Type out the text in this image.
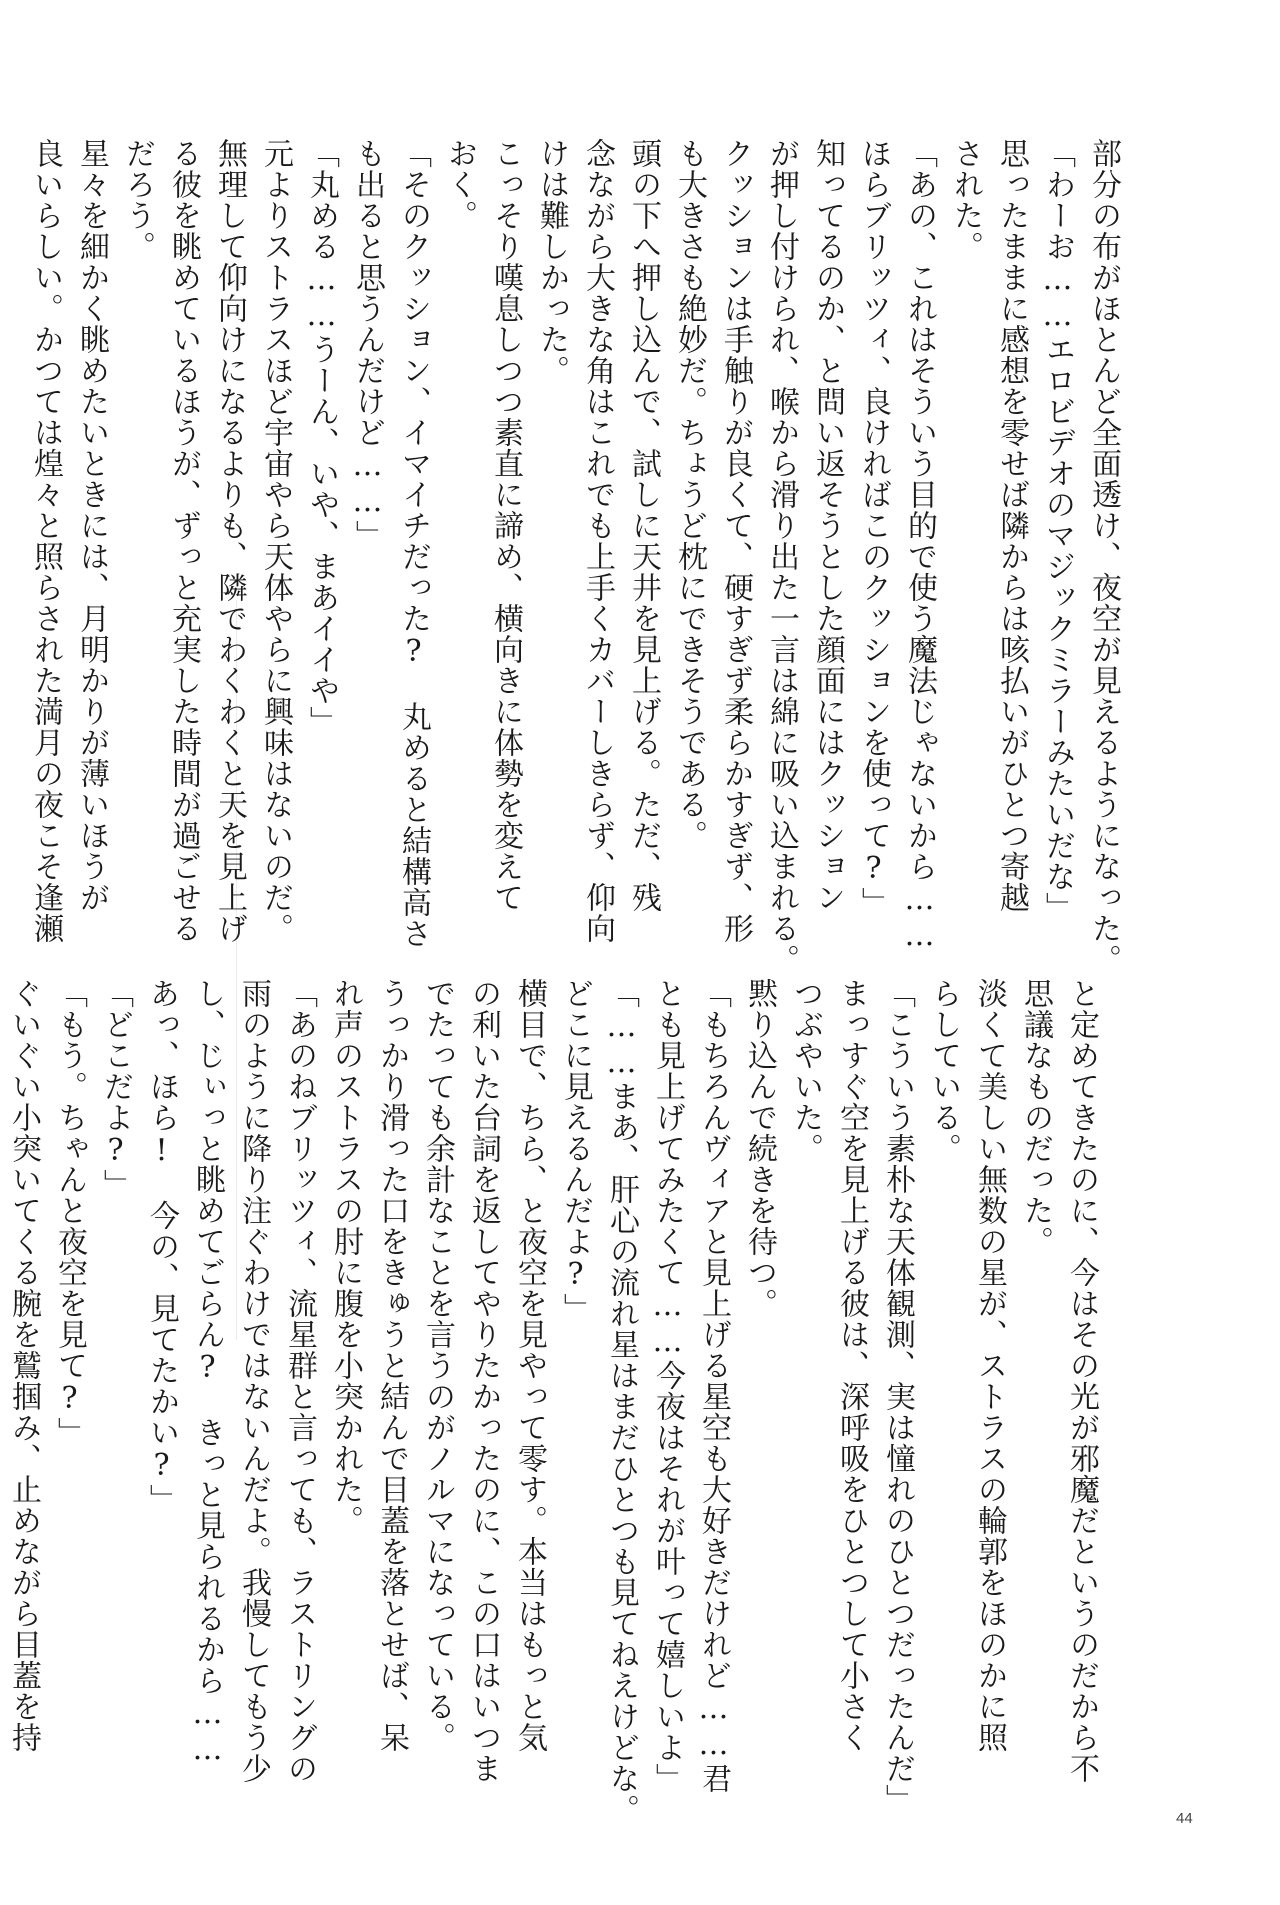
部分の布がほとんど全面透け、夜空が見えるようになった。
「わーお……エロビデオのマジックミラーみたいだな」
思ったままに感想を零せば隣からは咳払いがひとつ寄越
された。
「あの、これはそういう目的で使う魔法じゃないから……
ほらブリッツィ、良ければこのクッションを使って?」
知ってるのか、と問い返そうとした顔面にはクッション
が押し付けられ、喉から滑り出た一言は綿に吸い込まれる。
クッションは手触りが良くて、硬すぎず柔らかすぎず、形
も大きさも絶妙だ。ちょうど枕にできそうである。
頭の下へ押し込んで、試しに天井を見上げる。ただ、残
念ながら大きな角はこれでも上手くカバーしきらず、仰向
けは難しかった。
こっそり嘆息しつつ素直に諦め、横向きに体勢を変えて
おく。
「そのクッション、イマイチだった?　丸めると結構高さ
も出ると思うんだけど……」
「丸める……うーん、いや、まあイイや」
元よりストラスほど宇宙やら天体やらに興味はないのだ。
無理して仰向けになるよりも、隣でわくわくと天を見上げ
る彼を眺めているほうが、ずっと充実した時間が過ごせる
だろう。
星々を細かく眺めたいときには、月明かりが薄いほうが
良いらしい。かつては煌々と照らされた満月の夜こそ逢瀬
と定めてきたのに、今はその光が邪魔だというのだから不
思議なものだった。
淡くて美しい無数の星が、ストラスの輪郭をほのかに照
らしている。
「こういう素朴な天体観測、実は憧れのひとつだったんだ」
まっすぐ空を見上げる彼は、深呼吸をひとつして小さく
つぶやいた。
黙り込んで続きを待つ。
「もちろんヴィアと見上げる星空も大好きだけれど……君
とも見上げてみたくて……今夜はそれが叶って嬉しいよ」
「……まあ、肝心の流れ星はまだひとつも見てねえけどな。
どこに見えるんだよ?」
横目で、ちら、と夜空を見やって零す。本当はもっと気
の利いた台詞を返してやりたかったのに、この口はいつま
でたっても余計なことを言うのがノルマになっている。
うっかり滑った口をきゅうと結んで目蓋を落とせば、呆
れ声のストラスの肘に腹を小突かれた。
「あのねブリッツィ、流星群と言っても、ラストリングの
雨のように降り注ぐわけではないんだよ。我慢してもう少
し、じぃっと眺めてごらん?　きっと見られるから……
あっ、ほら!　今の、見てたかい?」
「どこだよ?」
「もう。ちゃんと夜空を見て?」
ぐいぐい小突いてくる腕を鷲掴み、止めながら目蓋を持
44
